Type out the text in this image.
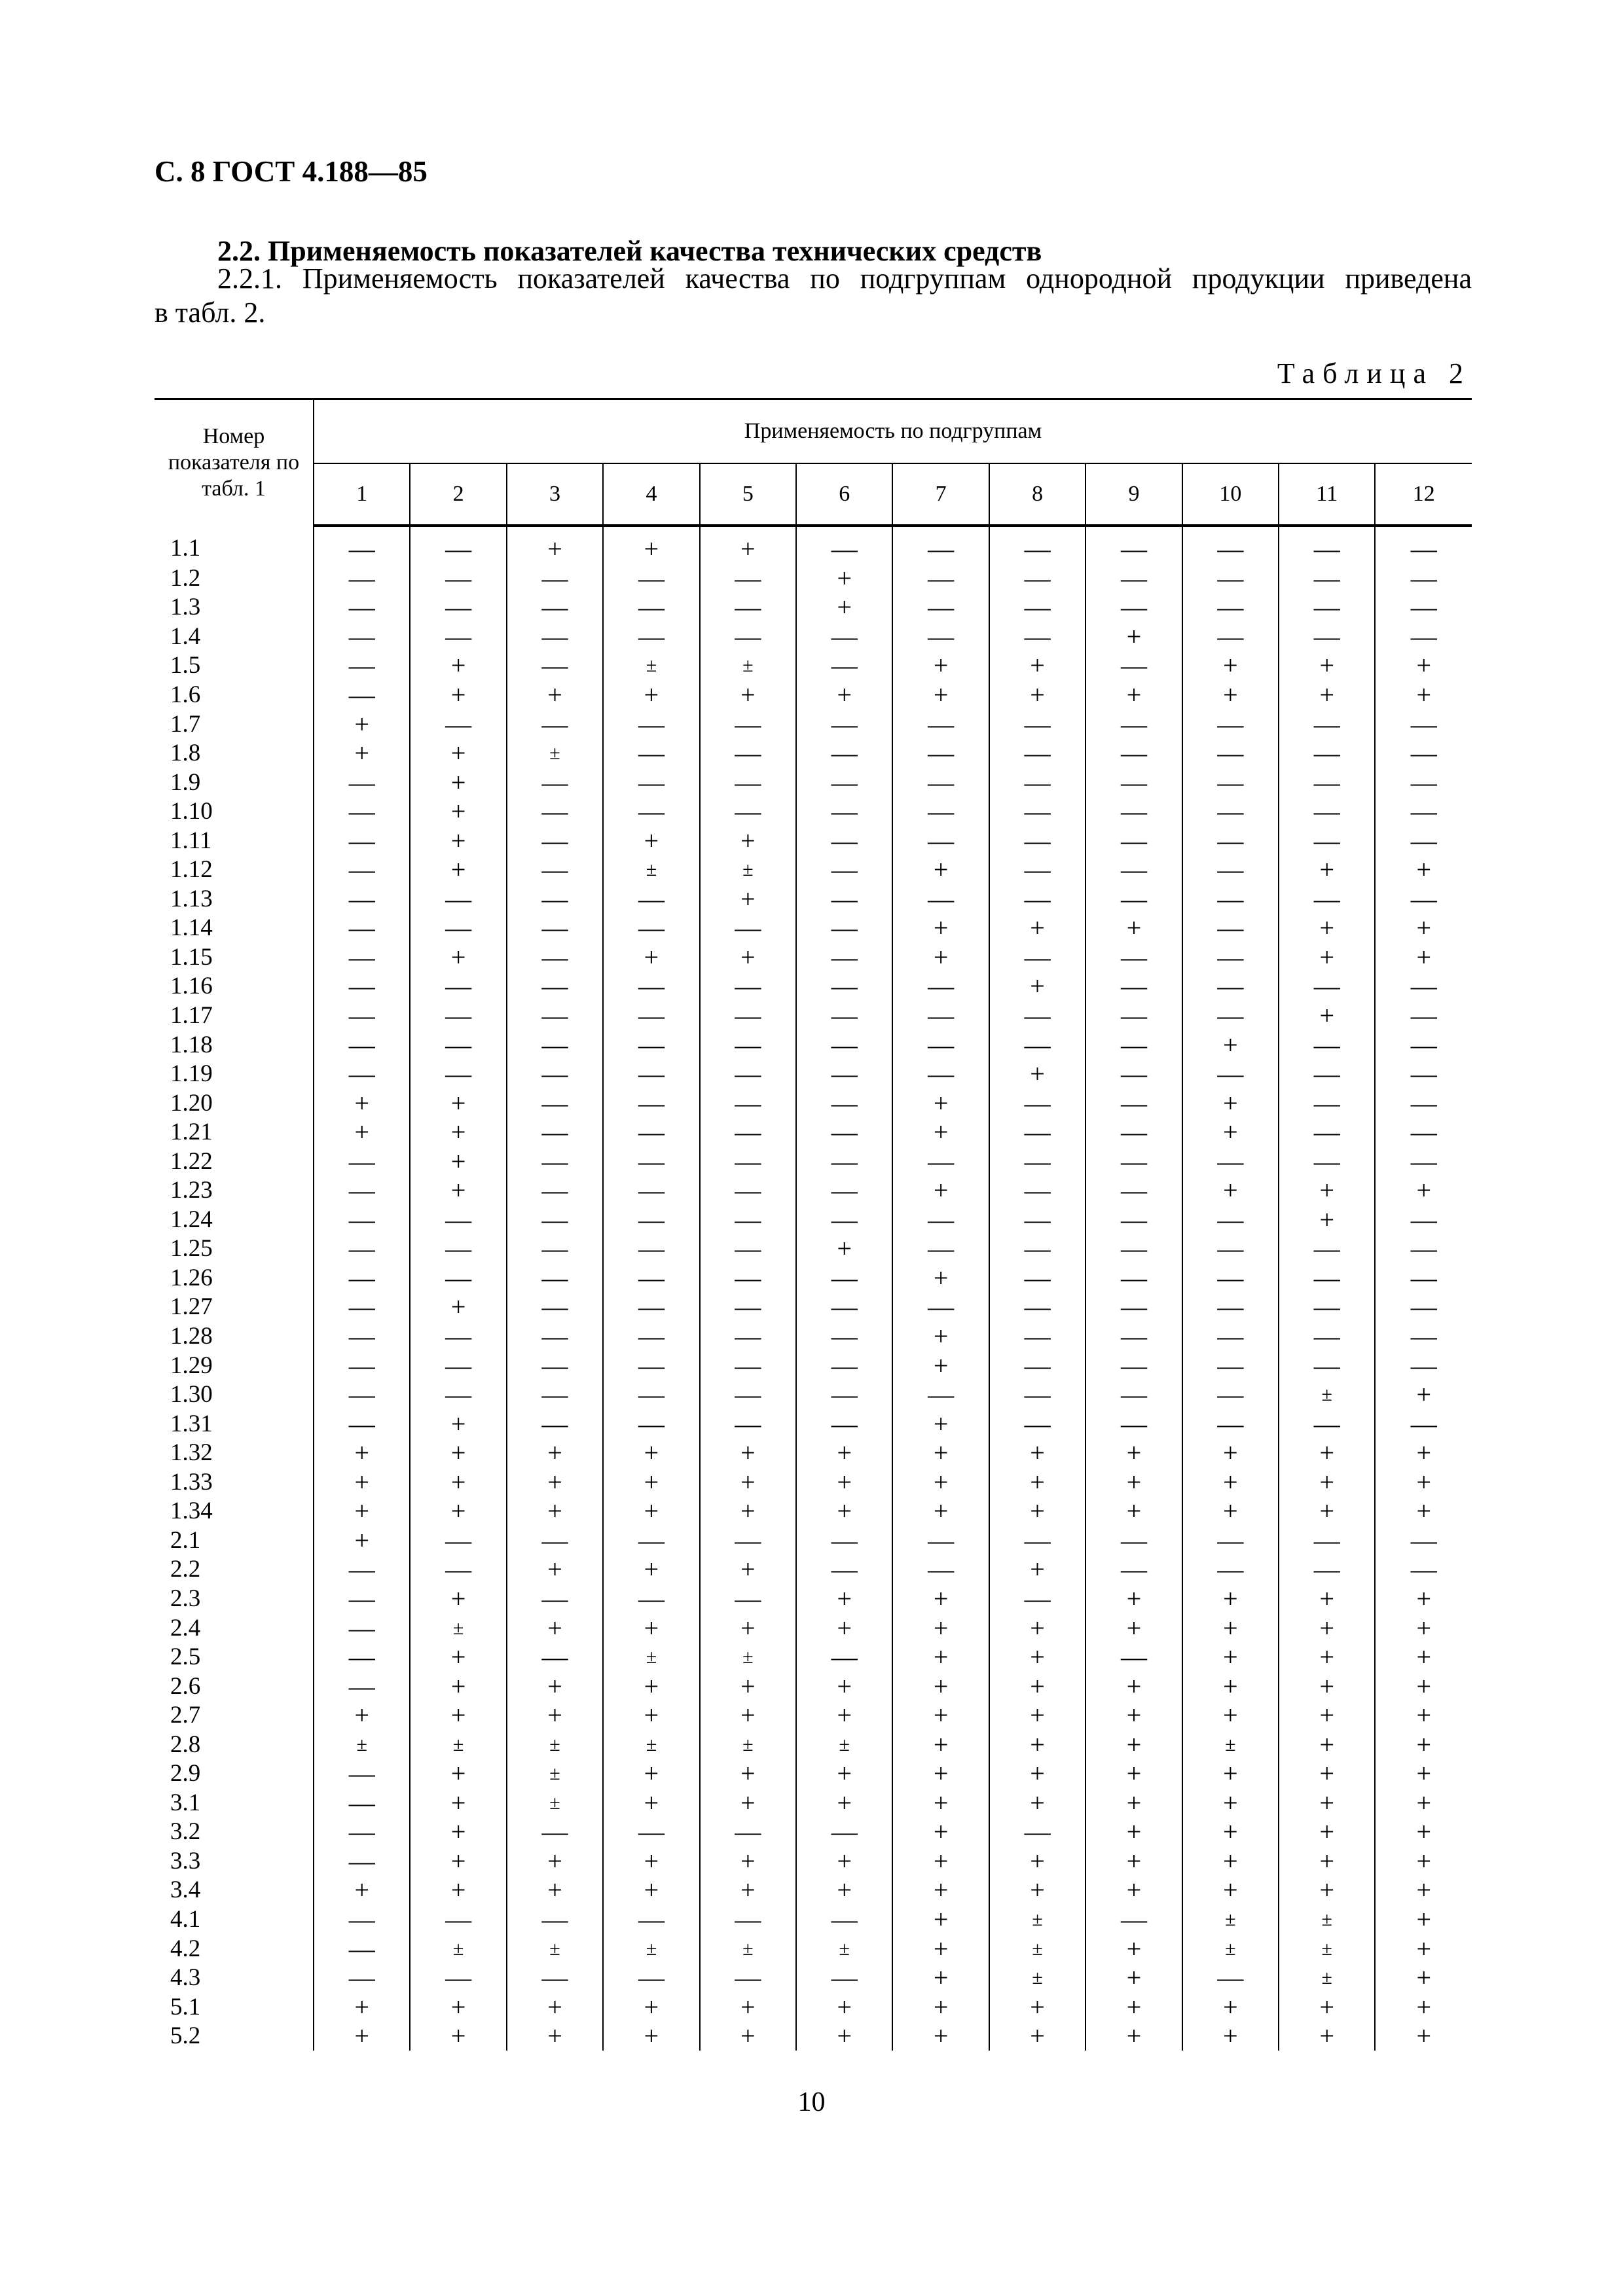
С. 8 ГОСТ 4.188—85
2.2. Применяемость показателей качества технических средств
2.2.1. Применяемость показателей качества по подгруппам однородной продукции приведена
в табл. 2.
Таблица 2
Номер показателя по табл. 1	Применяемость по подгруппам											
	1	2	3	4	5	6	7	8	9	10	11	12
1.1	—	—	+	+	+	—	—	—	—	—	—	—
1.2	—	—	—	—	—	+	—	—	—	—	—	—
1.3	—	—	—	—	—	+	—	—	—	—	—	—
1.4	—	—	—	—	—	—	—	—	+	—	—	—
1.5	—	+	—	±	±	—	+	+	—	+	+	+
1.6	—	+	+	+	+	+	+	+	+	+	+	+
1.7	+	—	—	—	—	—	—	—	—	—	—	—
1.8	+	+	±	—	—	—	—	—	—	—	—	—
1.9	—	+	—	—	—	—	—	—	—	—	—	—
1.10	—	+	—	—	—	—	—	—	—	—	—	—
1.11	—	+	—	+	+	—	—	—	—	—	—	—
1.12	—	+	—	±	±	—	+	—	—	—	+	+
1.13	—	—	—	—	+	—	—	—	—	—	—	—
1.14	—	—	—	—	—	—	+	+	+	—	+	+
1.15	—	+	—	+	+	—	+	—	—	—	+	+
1.16	—	—	—	—	—	—	—	+	—	—	—	—
1.17	—	—	—	—	—	—	—	—	—	—	+	—
1.18	—	—	—	—	—	—	—	—	—	+	—	—
1.19	—	—	—	—	—	—	—	+	—	—	—	—
1.20	+	+	—	—	—	—	+	—	—	+	—	—
1.21	+	+	—	—	—	—	+	—	—	+	—	—
1.22	—	+	—	—	—	—	—	—	—	—	—	—
1.23	—	+	—	—	—	—	+	—	—	+	+	+
1.24	—	—	—	—	—	—	—	—	—	—	+	—
1.25	—	—	—	—	—	+	—	—	—	—	—	—
1.26	—	—	—	—	—	—	+	—	—	—	—	—
1.27	—	+	—	—	—	—	—	—	—	—	—	—
1.28	—	—	—	—	—	—	+	—	—	—	—	—
1.29	—	—	—	—	—	—	+	—	—	—	—	—
1.30	—	—	—	—	—	—	—	—	—	—	±	+
1.31	—	+	—	—	—	—	+	—	—	—	—	—
1.32	+	+	+	+	+	+	+	+	+	+	+	+
1.33	+	+	+	+	+	+	+	+	+	+	+	+
1.34	+	+	+	+	+	+	+	+	+	+	+	+
2.1	+	—	—	—	—	—	—	—	—	—	—	—
2.2	—	—	+	+	+	—	—	+	—	—	—	—
2.3	—	+	—	—	—	+	+	—	+	+	+	+
2.4	—	±	+	+	+	+	+	+	+	+	+	+
2.5	—	+	—	±	±	—	+	+	—	+	+	+
2.6	—	+	+	+	+	+	+	+	+	+	+	+
2.7	+	+	+	+	+	+	+	+	+	+	+	+
2.8	±	±	±	±	±	±	+	+	+	±	+	+
2.9	—	+	±	+	+	+	+	+	+	+	+	+
3.1	—	+	±	+	+	+	+	+	+	+	+	+
3.2	—	+	—	—	—	—	+	—	+	+	+	+
3.3	—	+	+	+	+	+	+	+	+	+	+	+
3.4	+	+	+	+	+	+	+	+	+	+	+	+
4.1	—	—	—	—	—	—	+	±	—	±	±	+
4.2	—	±	±	±	±	±	+	±	+	±	±	+
4.3	—	—	—	—	—	—	+	±	+	—	±	+
5.1	+	+	+	+	+	+	+	+	+	+	+	+
5.2	+	+	+	+	+	+	+	+	+	+	+	+
10
